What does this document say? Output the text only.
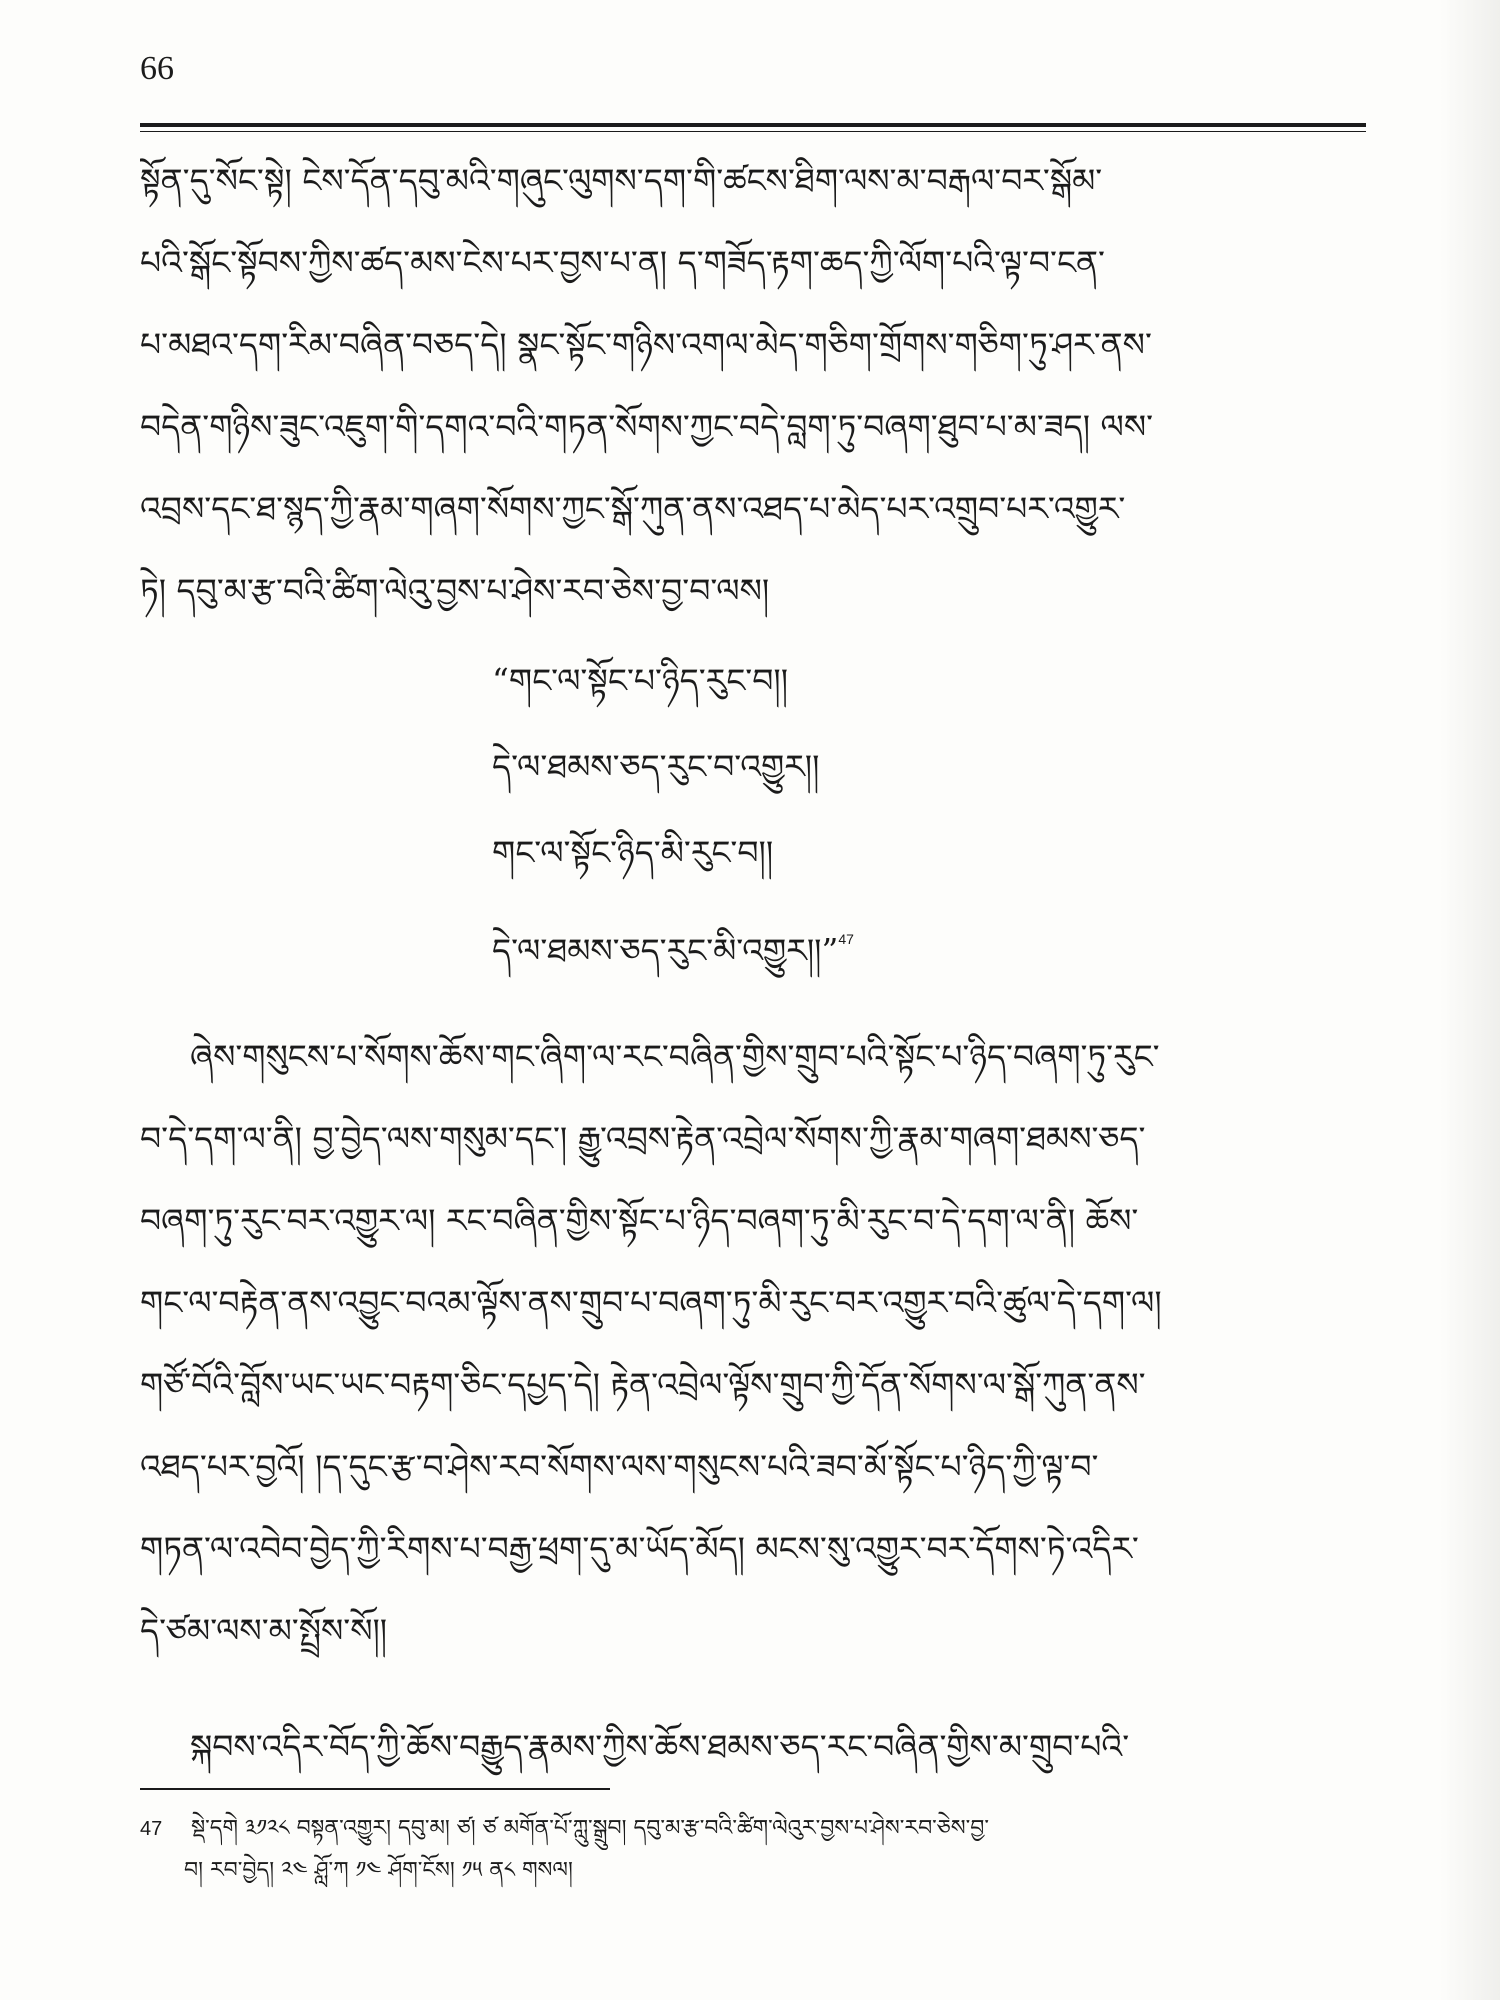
66
སྟོན་དུ་སོང་སྟེ། ངེས་དོན་དབུ་མའི་གཞུང་ལུགས་དག་གི་ཚངས་ཐིག་ལས་མ་བརྒལ་བར་སྒོམ་
པའི་སྒོང་སྟོབས་ཀྱིས་ཚད་མས་ངེས་པར་བྱས་པ་ན། ད་གཟོད་རྟག་ཆད་ཀྱི་ལོག་པའི་ལྟ་བ་ངན་
པ་མཐའ་དག་རིམ་བཞིན་བཅད་དེ། སྣང་སྟོང་གཉིས་འགལ་མེད་གཅིག་གྲོགས་གཅིག་ཏུ་ཤར་ནས་
བདེན་གཉིས་ཟུང་འཇུག་གི་དགའ་བའི་གཏན་སོགས་ཀྱང་བདེ་བླག་ཏུ་བཞག་ཐུབ་པ་མ་ཟད། ལས་
འབྲས་དང་ཐ་སྙད་ཀྱི་རྣམ་གཞག་སོགས་ཀྱང་སྒོ་ཀུན་ནས་འཐད་པ་མེད་པར་འགྲུབ་པར་འགྱུར་
ཏེ། དབུ་མ་རྩ་བའི་ཚིག་ལེའུ་བྱས་པ་ཤེས་རབ་ཅེས་བྱ་བ་ལས།
“གང་ལ་སྟོང་པ་ཉིད་རུང་བ།།
དེ་ལ་ཐམས་ཅད་རུང་བ་འགྱུར།།
གང་ལ་སྟོང་ཉིད་མི་རུང་བ།།
དེ་ལ་ཐམས་ཅད་རུང་མི་འགྱུར།།”$^{47}$
ཞེས་གསུངས་པ་སོགས་ཆོས་གང་ཞིག་ལ་རང་བཞིན་གྱིས་གྲུབ་པའི་སྟོང་པ་ཉིད་བཞག་ཏུ་རུང་
བ་དེ་དག་ལ་ནི། བྱ་བྱེད་ལས་གསུམ་དང་། རྒྱུ་འབྲས་རྟེན་འབྲེལ་སོགས་ཀྱི་རྣམ་གཞག་ཐམས་ཅད་
བཞག་ཏུ་རུང་བར་འགྱུར་ལ། རང་བཞིན་གྱིས་སྟོང་པ་ཉིད་བཞག་ཏུ་མི་རུང་བ་དེ་དག་ལ་ནི། ཆོས་
གང་ལ་བརྟེན་ནས་འབྱུང་བའམ་ལྟོས་ནས་གྲུབ་པ་བཞག་ཏུ་མི་རུང་བར་འགྱུར་བའི་ཚུལ་དེ་དག་ལ།
གཙོ་བོའི་བློས་ཡང་ཡང་བརྟག་ཅིང་དཔྱད་དེ། རྟེན་འབྲེལ་ལྟོས་གྲུབ་ཀྱི་དོན་སོགས་ལ་སྒོ་ཀུན་ནས་
འཐད་པར་བྱའོ། །ད་དུང་རྩ་བ་ཤེས་རབ་སོགས་ལས་གསུངས་པའི་ཟབ་མོ་སྟོང་པ་ཉིད་ཀྱི་ལྟ་བ་
གཏན་ལ་འབེབ་བྱེད་ཀྱི་རིགས་པ་བརྒྱ་ཕྲག་དུ་མ་ཡོད་མོད། མངས་སུ་འགྱུར་བར་དོགས་ཏེ་འདིར་
དེ་ཙམ་ལས་མ་སྤྲོས་སོ།།
སྐབས་འདིར་བོད་ཀྱི་ཆོས་བརྒྱུད་རྣམས་ཀྱིས་ཆོས་ཐམས་ཅད་རང་བཞིན་གྱིས་མ་གྲུབ་པའི་
47 སྡེ་དགེ ༣༡༢༨ བསྟན་འགྱུར། དབུ་མ། ཙ། ཙ མགོན་པོ་ཀླུ་སྒྲུབ། དབུ་མ་རྩ་བའི་ཚིག་ལེའུར་བྱས་པ་ཤེས་རབ་ཅེས་བྱ་
བ། རབ་བྱེད། ༢༤ ཤློ་ཀ ༡༤ ཤོག་ངོས། ༡༥ ན༨ གསལ།
